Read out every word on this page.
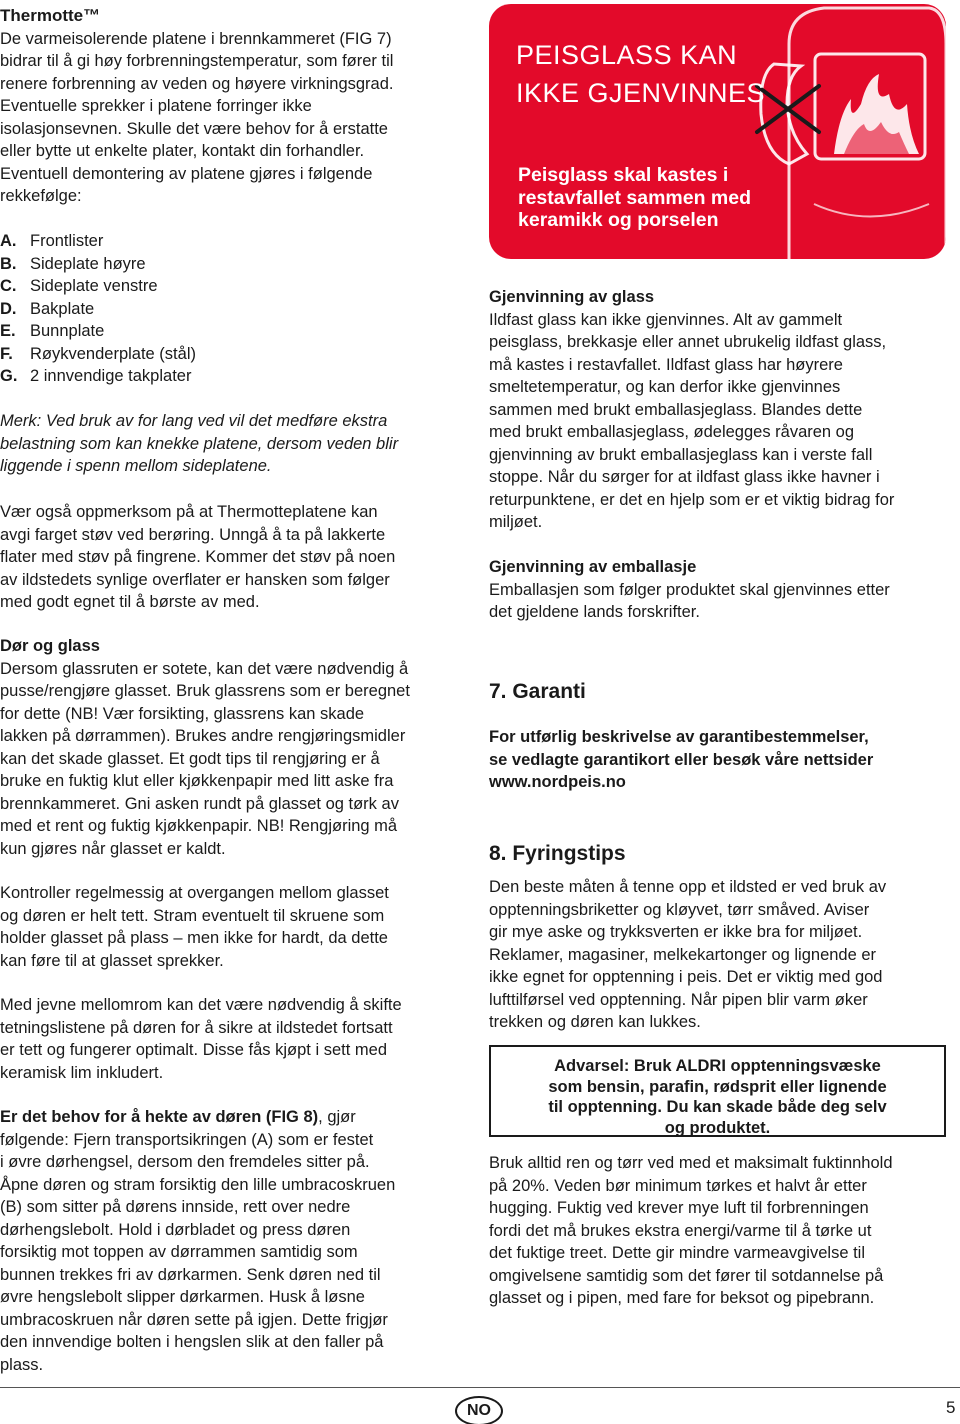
Thermotte™
De varmeisolerende platene i brennkammeret (FIG 7)
bidrar til å gi høy forbrenningstemperatur, som fører til
renere forbrenning av veden og høyere virkningsgrad.
Eventuelle sprekker i platene forringer ikke
isolasjonsevnen. Skulle det være behov for å erstatte
eller bytte ut enkelte plater, kontakt din forhandler.
Eventuell demontering av platene gjøres i følgende
rekkefølge:
A. Frontlister
B. Sideplate høyre
C. Sideplate venstre
D. Bakplate
E. Bunnplate
F. Røykvenderplate (stål)
G. 2 innvendige takplater
Merk: Ved bruk av for lang ved vil det medføre ekstra
belastning som kan knekke platene, dersom veden blir
liggende i spenn mellom sideplatene.
Vær også oppmerksom på at Thermotteplatene kan
avgi farget støv ved berøring. Unngå å ta på lakkerte
flater med støv på fingrene. Kommer det støv på noen
av ildstedets synlige overflater er hansken som følger
med godt egnet til å børste av med.
Dør og glass
Dersom glassruten er sotete, kan det være nødvendig å
pusse/rengjøre glasset. Bruk glassrens som er beregnet
for dette (NB! Vær forsikting, glassrens kan skade
lakken på dørrammen). Brukes andre rengjøringsmidler
kan det skade glasset. Et godt tips til rengjøring er å
bruke en fuktig klut eller kjøkkenpapir med litt aske fra
brennkammeret. Gni asken rundt på glasset og tørk av
med et rent og fuktig kjøkkenpapir. NB! Rengjøring må
kun gjøres når glasset er kaldt.
Kontroller regelmessig at overgangen mellom glasset
og døren er helt tett. Stram eventuelt til skruene som
holder glasset på plass – men ikke for hardt, da dette
kan føre til at glasset sprekker.
Med jevne mellomrom kan det være nødvendig å skifte
tetningslistene på døren for å sikre at ildstedet fortsatt
er tett og fungerer optimalt. Disse fås kjøpt i sett med
keramisk lim inkludert.
Er det behov for å hekte av døren (FIG 8), gjør
følgende: Fjern transportsikringen (A) som er festet
i øvre dørhengsel, dersom den fremdeles sitter på.
Åpne døren og stram forsiktig den lille umbracoskruen
(B) som sitter på dørens innside, rett over nedre
dørhengslebolt. Hold i dørbladet og press døren
forsiktig mot toppen av dørrammen samtidig som
bunnen trekkes fri av dørkarmen. Senk døren ned til
øvre hengslebolt slipper dørkarmen. Husk å løsne
umbracoskruen når døren sette på igjen. Dette frigjør
den innvendige bolten i hengslen slik at den faller på
plass.
PEISGLASS KAN
IKKE GJENVINNES
Peisglass skal kastes i
restavfallet sammen med
keramikk og porselen
Gjenvinning av glass
Ildfast glass kan ikke gjenvinnes. Alt av gammelt
peisglass, brekkasje eller annet ubrukelig ildfast glass,
må kastes i restavfallet. Ildfast glass har høyrere
smeltetemperatur, og kan derfor ikke gjenvinnes
sammen med brukt emballasjeglass. Blandes dette
med brukt emballasjeglass, ødelegges råvaren og
gjenvinning av brukt emballasjeglass kan i verste fall
stoppe. Når du sørger for at ildfast glass ikke havner i
returpunktene, er det en hjelp som er et viktig bidrag for
miljøet.
Gjenvinning av emballasje
Emballasjen som følger produktet skal gjenvinnes etter
det gjeldene lands forskrifter.
7. Garanti
For utførlig beskrivelse av garantibestemmelser,
se vedlagte garantikort eller besøk våre nettsider
www.nordpeis.no
8. Fyringstips
Den beste måten å tenne opp et ildsted er ved bruk av
opptenningsbriketter og kløyvet, tørr småved. Aviser
gir mye aske og trykksverten er ikke bra for miljøet.
Reklamer, magasiner, melkekartonger og lignende er
ikke egnet for opptenning i peis. Det er viktig med god
lufttilførsel ved opptenning. Når pipen blir varm øker
trekken og døren kan lukkes.
Bruk alltid ren og tørr ved med et maksimalt fuktinnhold
på 20%. Veden bør minimum tørkes et halvt år etter
hugging. Fuktig ved krever mye luft til forbrenningen
fordi det må brukes ekstra energi/varme til å tørke ut
det fuktige treet. Dette gir mindre varmeavgivelse til
omgivelsene samtidig som det fører til sotdannelse på
glasset og i pipen, med fare for beksot og pipebrann.
Advarsel: Bruk ALDRI opptenningsvæske
som bensin, parafin, rødsprit eller lignende
til opptenning. Du kan skade både deg selv
og produktet.
NO	5
